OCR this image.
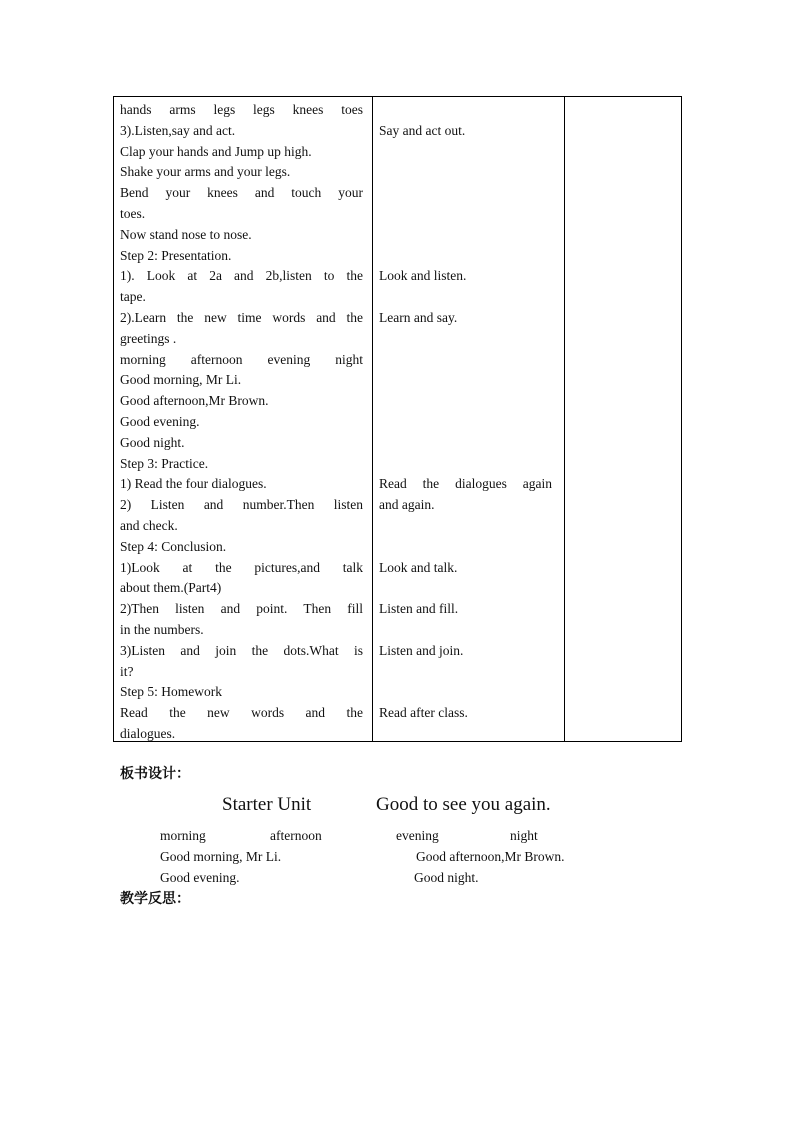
hands arms legs legs knees toes
3).Listen,say and act.
Clap your hands and Jump up high.
Shake your arms and your legs.
Bend your knees and touch your
toes.
Now stand nose to nose.
Step 2: Presentation.
1). Look at 2a and 2b,listen to the
tape.
2).Learn the new time words and the
greetings .
morning afternoon evening night
Good morning, Mr Li.
Good afternoon,Mr Brown.
Good evening.
Good night.
Step 3: Practice.
1) Read the four dialogues.
2) Listen and number.Then listen
and check.
Step 4: Conclusion.
1)Look at the pictures,and talk
about them.(Part4)
2)Then listen and point. Then fill
in the numbers.
3)Listen and join the dots.What is
it?
Step 5: Homework
Read the new words and the
dialogues.

Say and act out.
Look and listen.
Learn and say.
Read the dialogues again
and again.
Look and talk.
Listen and fill.
Listen and join.
Read after class.

板书设计：
Starter Unit	Good to see you again.
morning	afternoon	evening	night
Good morning, Mr Li.	Good afternoon,Mr Brown.
Good evening.	Good night.
教学反思：
